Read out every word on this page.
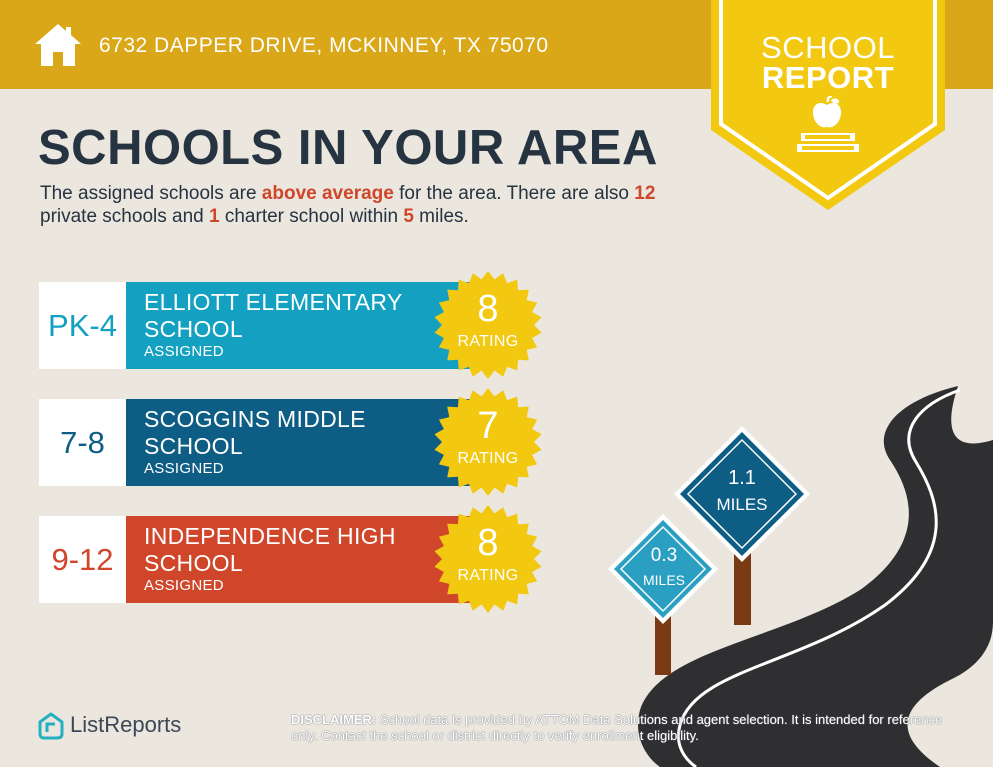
6732 DAPPER DRIVE, MCKINNEY, TX 75070	SCHOOL
REPORT
SCHOOLS IN YOUR AREA
The assigned schools are above average for the area. There are also 12 private schools and 1 charter school within 5 miles.
PK-4
ELLIOTT ELEMENTARY
SCHOOL
ASSIGNED
8
RATING
7-8
SCOGGINS MIDDLE
SCHOOL
ASSIGNED
7
RATING
9-12
INDEPENDENCE HIGH
SCHOOL
ASSIGNED
8
RATING
1.1
MILES
0.3
MILES
ListReports	DISCLAIMER: School data is provided by ATTOM Data Solutions and agent selection. It is intended for reference only. Contact the school or district directly to verify enrollment eligibility.
